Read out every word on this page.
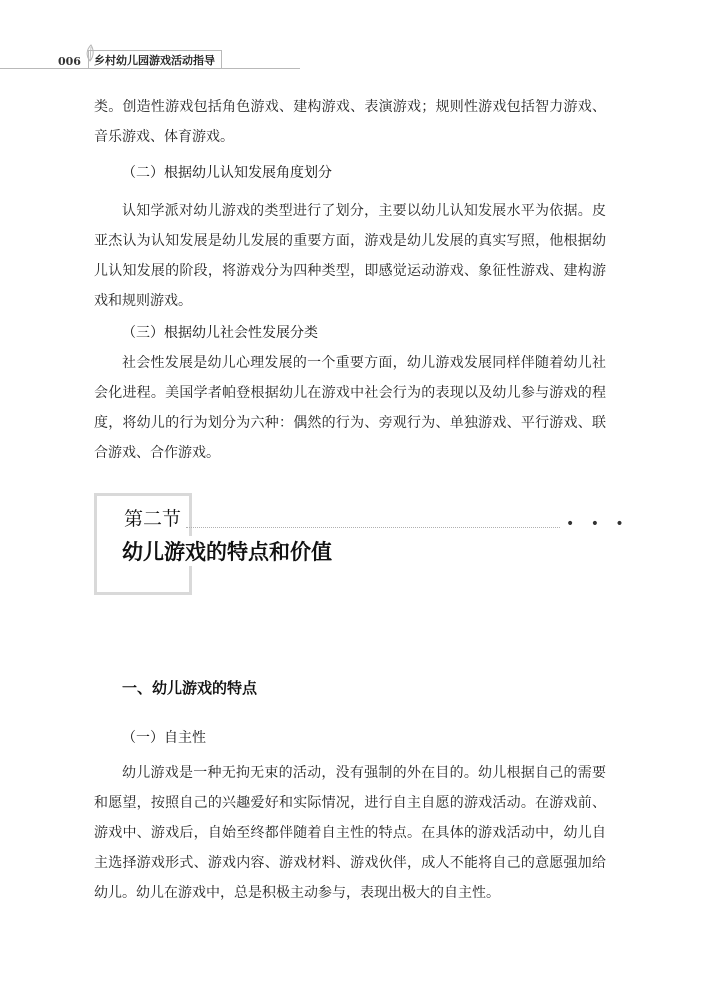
006 乡村幼儿园游戏活动指导
类。创造性游戏包括角色游戏、建构游戏、表演游戏；规则性游戏包括智力游戏、音乐游戏、体育游戏。
（二）根据幼儿认知发展角度划分
认知学派对幼儿游戏的类型进行了划分，主要以幼儿认知发展水平为依据。皮亚杰认为认知发展是幼儿发展的重要方面，游戏是幼儿发展的真实写照，他根据幼儿认知发展的阶段，将游戏分为四种类型，即感觉运动游戏、象征性游戏、建构游戏和规则游戏。
（三）根据幼儿社会性发展分类
社会性发展是幼儿心理发展的一个重要方面，幼儿游戏发展同样伴随着幼儿社会化进程。美国学者帕登根据幼儿在游戏中社会行为的表现以及幼儿参与游戏的程度，将幼儿的行为划分为六种：偶然的行为、旁观行为、单独游戏、平行游戏、联合游戏、合作游戏。
• • •
第二节
幼儿游戏的特点和价值
一、幼儿游戏的特点
（一）自主性
幼儿游戏是一种无拘无束的活动，没有强制的外在目的。幼儿根据自己的需要和愿望，按照自己的兴趣爱好和实际情况，进行自主自愿的游戏活动。在游戏前、游戏中、游戏后，自始至终都伴随着自主性的特点。在具体的游戏活动中，幼儿自主选择游戏形式、游戏内容、游戏材料、游戏伙伴，成人不能将自己的意愿强加给幼儿。幼儿在游戏中，总是积极主动参与，表现出极大的自主性。
